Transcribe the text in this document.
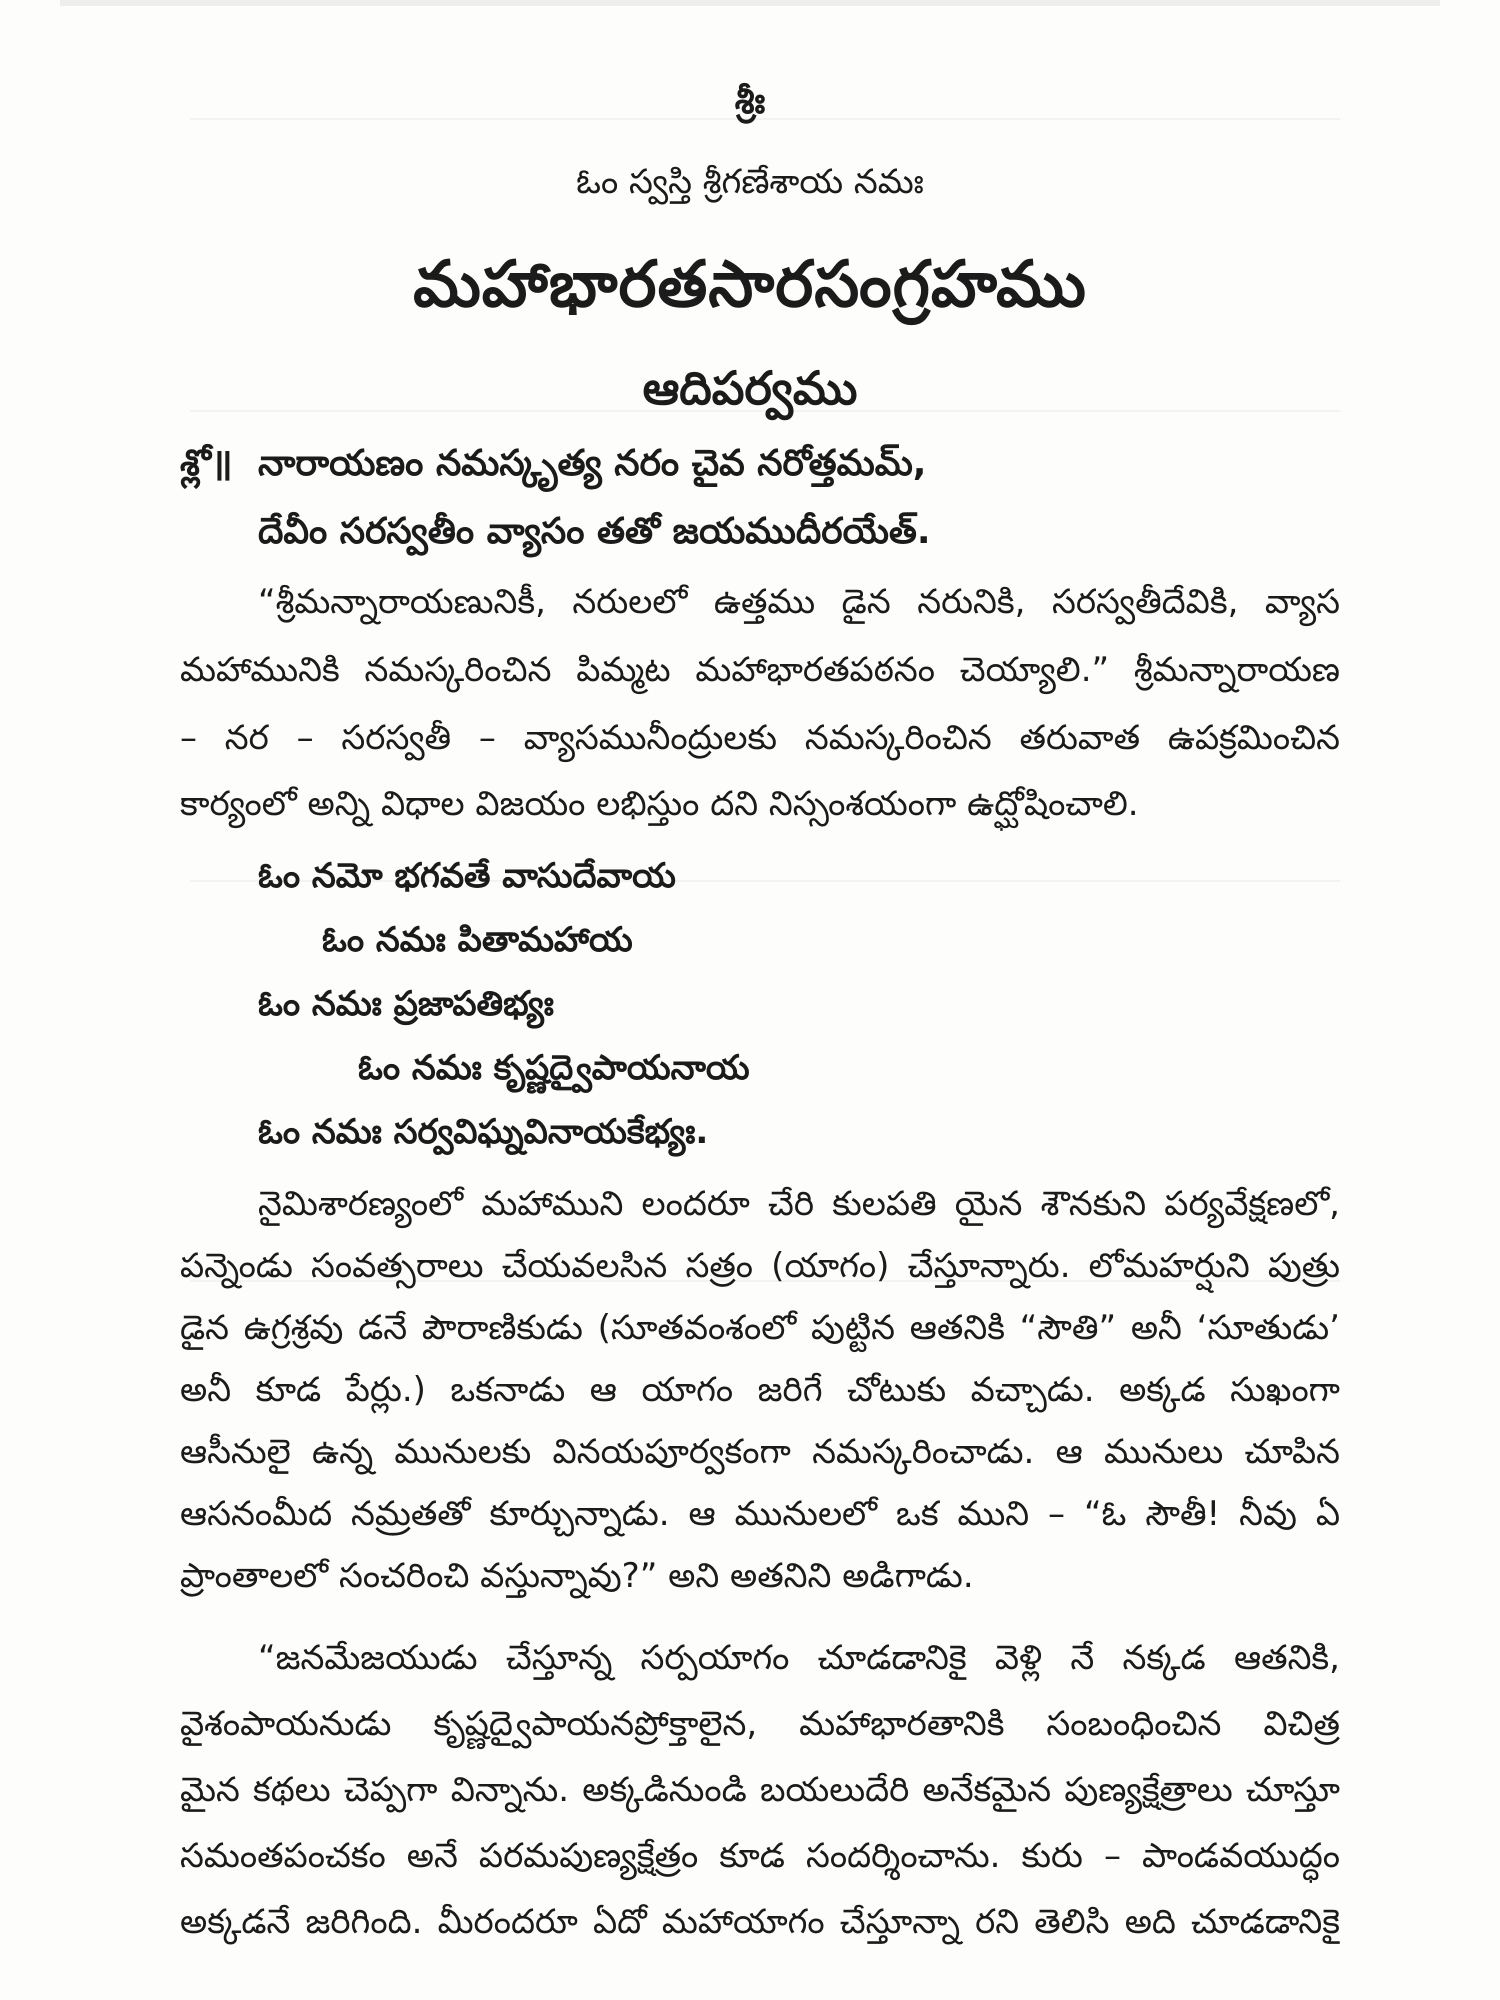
శ్రీః
ఓం స్వస్తి శ్రీగణేశాయ నమః
మహాభారతసారసంగ్రహము
ఆదిపర్వము
శ్లో॥ నారాయణం నమస్కృత్య నరం చైవ నరోత్తమమ్,
దేవీం సరస్వతీం వ్యాసం తతో జయముదీరయేత్.
“శ్రీమన్నారాయణునికీ, నరులలో ఉత్తము డైన నరునికి, సరస్వతీదేవికి, వ్యాస
మహామునికి నమస్కరించిన పిమ్మట మహాభారతపఠనం చెయ్యాలి.” శ్రీమన్నారాయణ
– నర – సరస్వతీ – వ్యాసమునీంద్రులకు నమస్కరించిన తరువాత ఉపక్రమించిన
కార్యంలో అన్ని విధాల విజయం లభిస్తుం దని నిస్సంశయంగా ఉద్ఘోషించాలి.
ఓం నమో భగవతే వాసుదేవాయ
ఓం నమః పితామహాయ
ఓం నమః ప్రజాపతిభ్యః
ఓం నమః కృష్ణద్వైపాయనాయ
ఓం నమః సర్వవిఘ్నవినాయకేభ్యః.
నైమిశారణ్యంలో మహాముని లందరూ చేరి కులపతి యైన శౌనకుని పర్యవేక్షణలో,
పన్నెండు సంవత్సరాలు చేయవలసిన సత్రం (యాగం) చేస్తూన్నారు. లోమహర్షుని పుత్రు
డైన ఉగ్రశ్రవు డనే పౌరాణికుడు (సూతవంశంలో పుట్టిన ఆతనికి “సౌతి” అనీ ‘సూతుడు’
అనీ కూడ పేర్లు.) ఒకనాడు ఆ యాగం జరిగే చోటుకు వచ్చాడు. అక్కడ సుఖంగా
ఆసీనులై ఉన్న మునులకు వినయపూర్వకంగా నమస్కరించాడు. ఆ మునులు చూపిన
ఆసనంమీద నమ్రతతో కూర్చున్నాడు. ఆ మునులలో ఒక ముని – “ఓ సౌతీ! నీవు ఏ
ప్రాంతాలలో సంచరించి వస్తున్నావు?” అని అతనిని అడిగాడు.
“జనమేజయుడు చేస్తూన్న సర్పయాగం చూడడానికై వెళ్లి నే నక్కడ ఆతనికి,
వైశంపాయనుడు కృష్ణద్వైపాయనప్రోక్తాలైన, మహాభారతానికి సంబంధించిన విచిత్ర
మైన కథలు చెప్పగా విన్నాను. అక్కడినుండి బయలుదేరి అనేకమైన పుణ్యక్షేత్రాలు చూస్తూ
సమంతపంచకం అనే పరమపుణ్యక్షేత్రం కూడ సందర్శించాను. కురు – పాండవయుద్ధం
అక్కడనే జరిగింది. మీరందరూ ఏదో మహాయాగం చేస్తూన్నా రని తెలిసి అది చూడడానికై
